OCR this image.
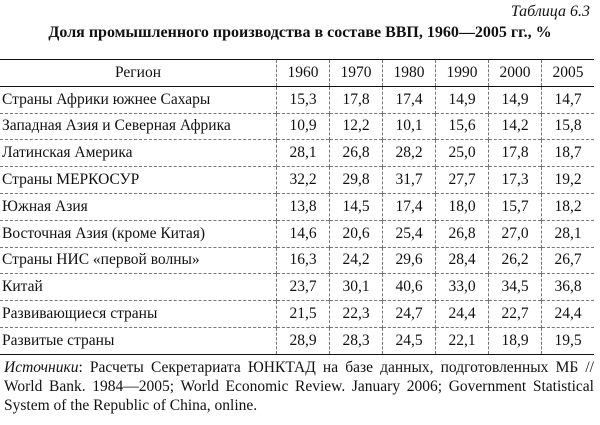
Таблица 6.3
Доля промышленного производства в составе ВВП, 1960—2005 гг., %
Регион	1960	1970	1980	1990	2000	2005
Страны Африки южнее Сахары	15,3	17,8	17,4	14,9	14,9	14,7
Западная Азия и Северная Африка	10,9	12,2	10,1	15,6	14,2	15,8
Латинская Америка	28,1	26,8	28,2	25,0	17,8	18,7
Страны МЕРКОСУР	32,2	29,8	31,7	27,7	17,3	19,2
Южная Азия	13,8	14,5	17,4	18,0	15,7	18,2
Восточная Азия (кроме Китая)	14,6	20,6	25,4	26,8	27,0	28,1
Страны НИС «первой волны»	16,3	24,2	29,6	28,4	26,2	26,7
Китай	23,7	30,1	40,6	33,0	34,5	36,8
Развивающиеся страны	21,5	22,3	24,7	24,4	22,7	24,4
Развитые страны	28,9	28,3	24,5	22,1	18,9	19,5
Источники: Расчеты Секретариата ЮНКТАД на базе данных, подготовленных МБ // World Bank. 1984—2005; World Economic Review. January 2006; Government Statistical System of the Republic of China, online.
